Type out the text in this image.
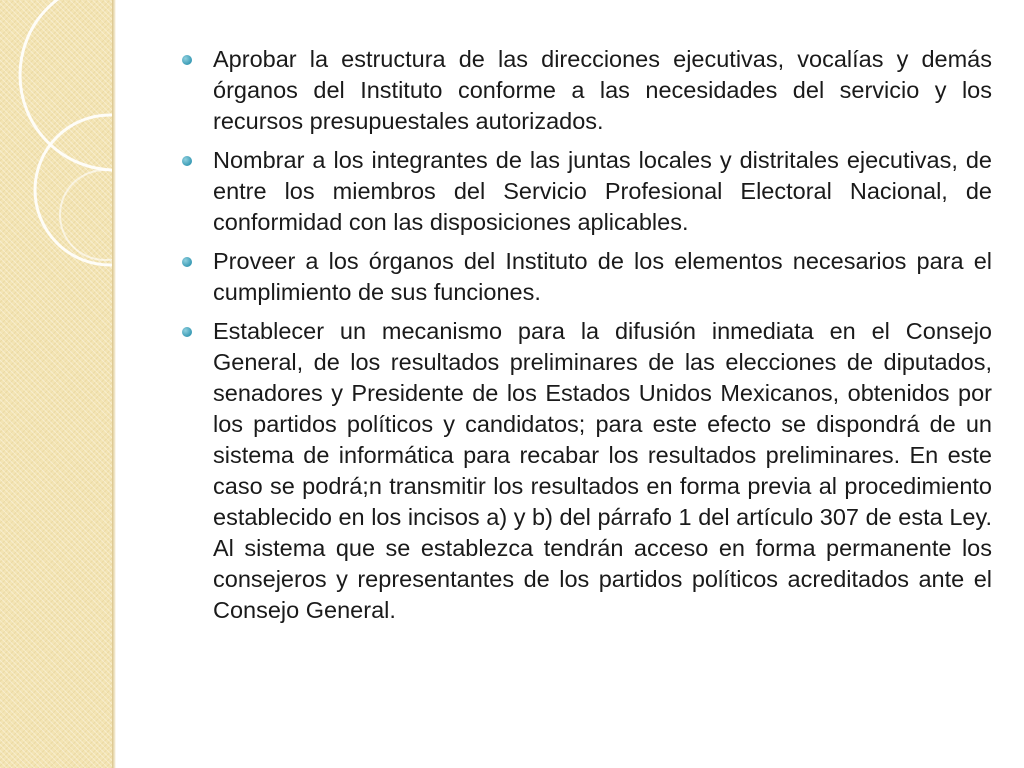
Aprobar la estructura de las direcciones ejecutivas, vocalías y demás órganos del Instituto conforme a las necesidades del servicio y los recursos presupuestales autorizados.
Nombrar a los integrantes de las juntas locales y distritales ejecutivas, de entre los miembros del Servicio Profesional Electoral Nacional, de conformidad con las disposiciones aplicables.
Proveer a los órganos del Instituto de los elementos necesarios para el cumplimiento de sus funciones.
Establecer un mecanismo para la difusión inmediata en el Consejo General, de los resultados preliminares de las elecciones de diputados, senadores y Presidente de los Estados Unidos Mexicanos, obtenidos por los partidos políticos y candidatos; para este efecto se dispondrá de un sistema de informática para recabar los resultados preliminares. En este caso se podrá;n transmitir los resultados en forma previa al procedimiento establecido en los incisos a) y b) del párrafo 1 del artículo 307 de esta Ley. Al sistema que se establezca tendrán acceso en forma permanente los consejeros y representantes de los partidos políticos acreditados ante el Consejo General.
